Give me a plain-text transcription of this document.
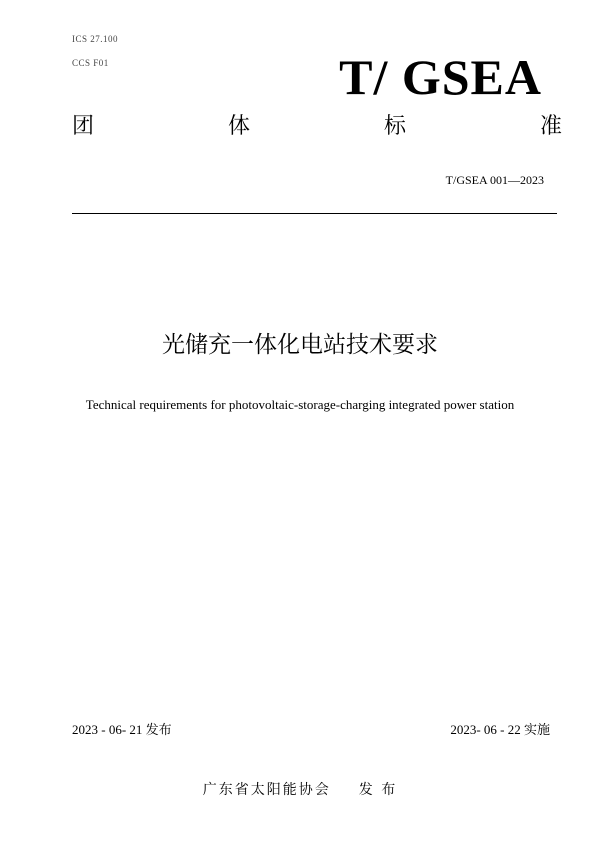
ICS 27.100
CCS F01	T/ GSEA
团	体	标	准
T/GSEA 001—2023
光储充一体化电站技术要求
Technical requirements for photovoltaic-storage-charging integrated power station
2023 - 06- 21 发布	2023- 06 - 22 实施
广东省太阳能协会 发 布
